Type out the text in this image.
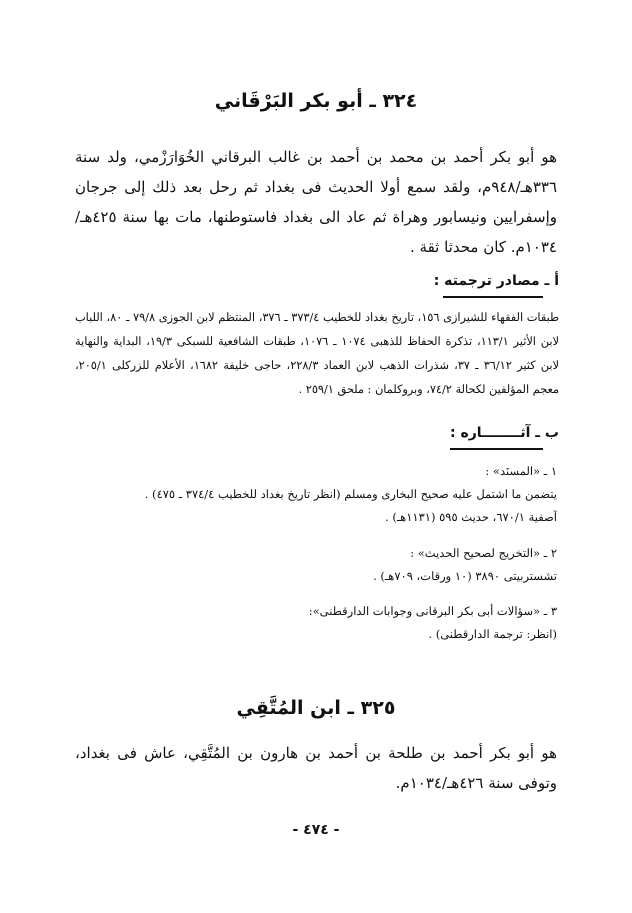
٣٢٤ ـ أبو بكر البَرْقَاني
هو أبو بكر أحمد بن محمد بن أحمد بن غالب البرقاني الخُوَارَزْمي، ولد سنة ٣٣٦هـ/٩٤٨م، ولقد سمع أولا الحديث فى بغداد ثم رحل بعد ذلك إلى جرجان وإسفرايين ونيسابور وهراة ثم عاد الى بغداد فاستوطنها، مات بها سنة ٤٢٥هـ/١٠٣٤م. كان محدثا ثقة .
أ ـ مصادر ترجمته :
طبقات الفقهاء للشيرازى ١٥٦، تاريخ بغداد للخطيب ٣٧٣/٤ ـ ٣٧٦، المنتظم لابن الجوزى ٧٩/٨ ـ ٨٠، اللباب لابن الأثير ١١٣/١، تذكرة الحفاظ للذهبى ١٠٧٤ ـ ١٠٧٦، طبقات الشافعية للسبكى ١٩/٣، البداية والنهاية لابن كثير ٣٦/١٢ ـ ٣٧، شذرات الذهب لابن العماد ٢٢٨/٣، حاجى خليفة ١٦٨٢، الأعلام للزركلى ٢٠٥/١، معجم المؤلفين لكحالة ٧٤/٢، وبروكلمان : ملحق ٢٥٩/١ .
ب ـ آثــــــــاره :
١ ـ «المسنَد» :
يتضمن ما اشتمل عليه صحيح البخارى ومسلم (انظر تاريخ بغداد للخطيب ٣٧٤/٤ ـ ٤٧٥) .
آصفية ٦٧٠/١، حديث ٥٩٥ (١١٣١هـ) .
٢ ـ «التخريج لصحيح الحديث» :
تشستربيتى ٣٨٩٠ (١٠ ورقات، ٧٠٩هـ) .
٣ ـ «سؤالات أبى بكر البرقانى وجوابات الدارقطنى»:
(انظر: ترجمة الدارقطنى) .
٣٢٥ ـ ابن المُتَّقِي
هو أبو بكر أحمد بن طلحة بن أحمد بن هارون بن المُتَّقِي، عاش فى بغداد، وتوفى سنة ٤٢٦هـ/١٠٣٤م.
- ٤٧٤ -
